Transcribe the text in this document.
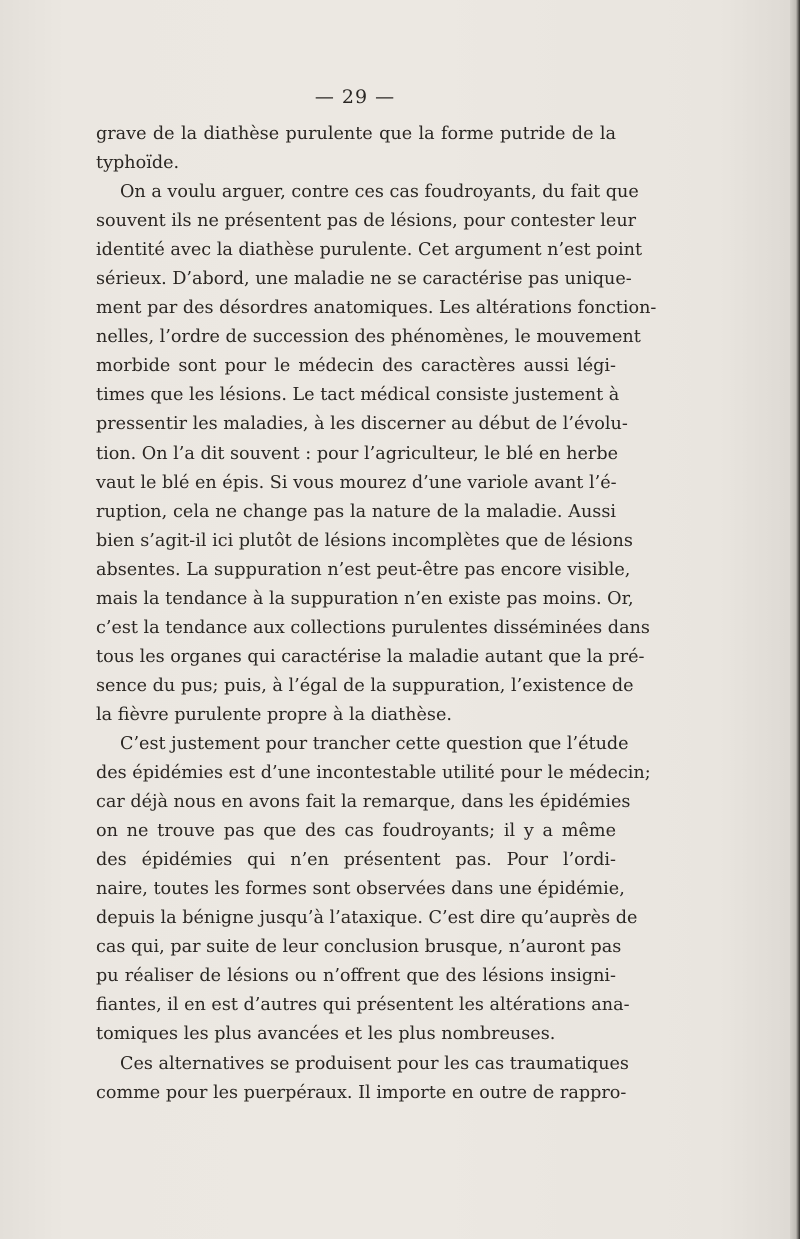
— 29 —
grave de la diathèse purulente que la forme putride de la
typhoïde.
On a voulu arguer, contre ces cas foudroyants, du fait que
souvent ils ne présentent pas de lésions, pour contester leur
identité avec la diathèse purulente. Cet argument n’est point
sérieux. D’abord, une maladie ne se caractérise pas unique-
ment par des désordres anatomiques. Les altérations fonction-
nelles, l’ordre de succession des phénomènes, le mouvement
morbide sont pour le médecin des caractères aussi légi-
times que les lésions. Le tact médical consiste justement à
pressentir les maladies, à les discerner au début de l’évolu-
tion. On l’a dit souvent : pour l’agriculteur, le blé en herbe
vaut le blé en épis. Si vous mourez d’une variole avant l’é-
ruption, cela ne change pas la nature de la maladie. Aussi
bien s’agit-il ici plutôt de lésions incomplètes que de lésions
absentes. La suppuration n’est peut-être pas encore visible,
mais la tendance à la suppuration n’en existe pas moins. Or,
c’est la tendance aux collections purulentes disséminées dans
tous les organes qui caractérise la maladie autant que la pré-
sence du pus; puis, à l’égal de la suppuration, l’existence de
la fièvre purulente propre à la diathèse.
C’est justement pour trancher cette question que l’étude
des épidémies est d’une incontestable utilité pour le médecin;
car déjà nous en avons fait la remarque, dans les épidémies
on ne trouve pas que des cas foudroyants; il y a même
des épidémies qui n’en présentent pas. Pour l’ordi-
naire, toutes les formes sont observées dans une épidémie,
depuis la bénigne jusqu’à l’ataxique. C’est dire qu’auprès de
cas qui, par suite de leur conclusion brusque, n’auront pas
pu réaliser de lésions ou n’offrent que des lésions insigni-
fiantes, il en est d’autres qui présentent les altérations ana-
tomiques les plus avancées et les plus nombreuses.
Ces alternatives se produisent pour les cas traumatiques
comme pour les puerpéraux. Il importe en outre de rappro-
